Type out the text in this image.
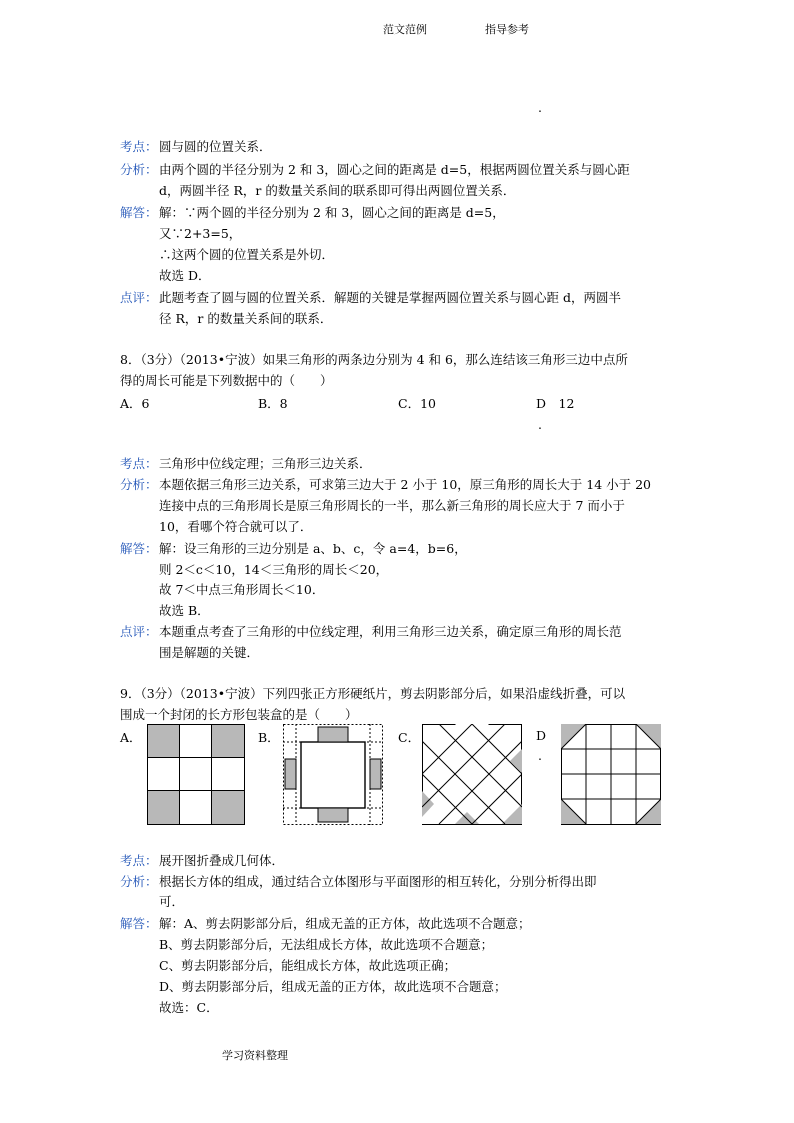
范文范例	指导参考
.
学习资料整理
考点： 圆与圆的位置关系．
分析： 由两个圆的半径分别为 2 和 3，圆心之间的距离是 d=5，根据两圆位置关系与圆心距
d，两圆半径 R，r 的数量关系间的联系即可得出两圆位置关系．
解答： 解：∵两个圆的半径分别为 2 和 3，圆心之间的距离是 d=5，
又∵2+3=5，
∴这两个圆的位置关系是外切．
故选 D．
点评： 此题考查了圆与圆的位置关系．解题的关键是掌握两圆位置关系与圆心距 d，两圆半
径 R，r 的数量关系间的联系．
8．（3分）（2013•宁波）如果三角形的两条边分别为 4 和 6，那么连结该三角形三边中点所
得的周长可能是下列数据中的（　　）
A．6	B．8	C．10	D　12
.
考点： 三角形中位线定理；三角形三边关系．
分析： 本题依据三角形三边关系，可求第三边大于 2 小于 10，原三角形的周长大于 14 小于 20
连接中点的三角形周长是原三角形周长的一半，那么新三角形的周长应大于 7 而小于
10，看哪个符合就可以了．
解答： 解：设三角形的三边分别是 a、b、c，令 a=4，b=6，
则 2＜c＜10，14＜三角形的周长＜20，
故 7＜中点三角形周长＜10．
故选 B．
点评： 本题重点考查了三角形的中位线定理，利用三角形三边关系，确定原三角形的周长范
围是解题的关键．
9．（3分）（2013•宁波）下列四张正方形硬纸片，剪去阴影部分后，如果沿虚线折叠，可以
围成一个封闭的长方形包装盒的是（　　）
A．	B．	C．	D
.
考点： 展开图折叠成几何体．
分析： 根据长方体的组成，通过结合立体图形与平面图形的相互转化，分别分析得出即
可．
解答： 解：A、剪去阴影部分后，组成无盖的正方体，故此选项不合题意；
B、剪去阴影部分后，无法组成长方体，故此选项不合题意；
C、剪去阴影部分后，能组成长方体，故此选项正确；
D、剪去阴影部分后，组成无盖的正方体，故此选项不合题意；
故选：C．
